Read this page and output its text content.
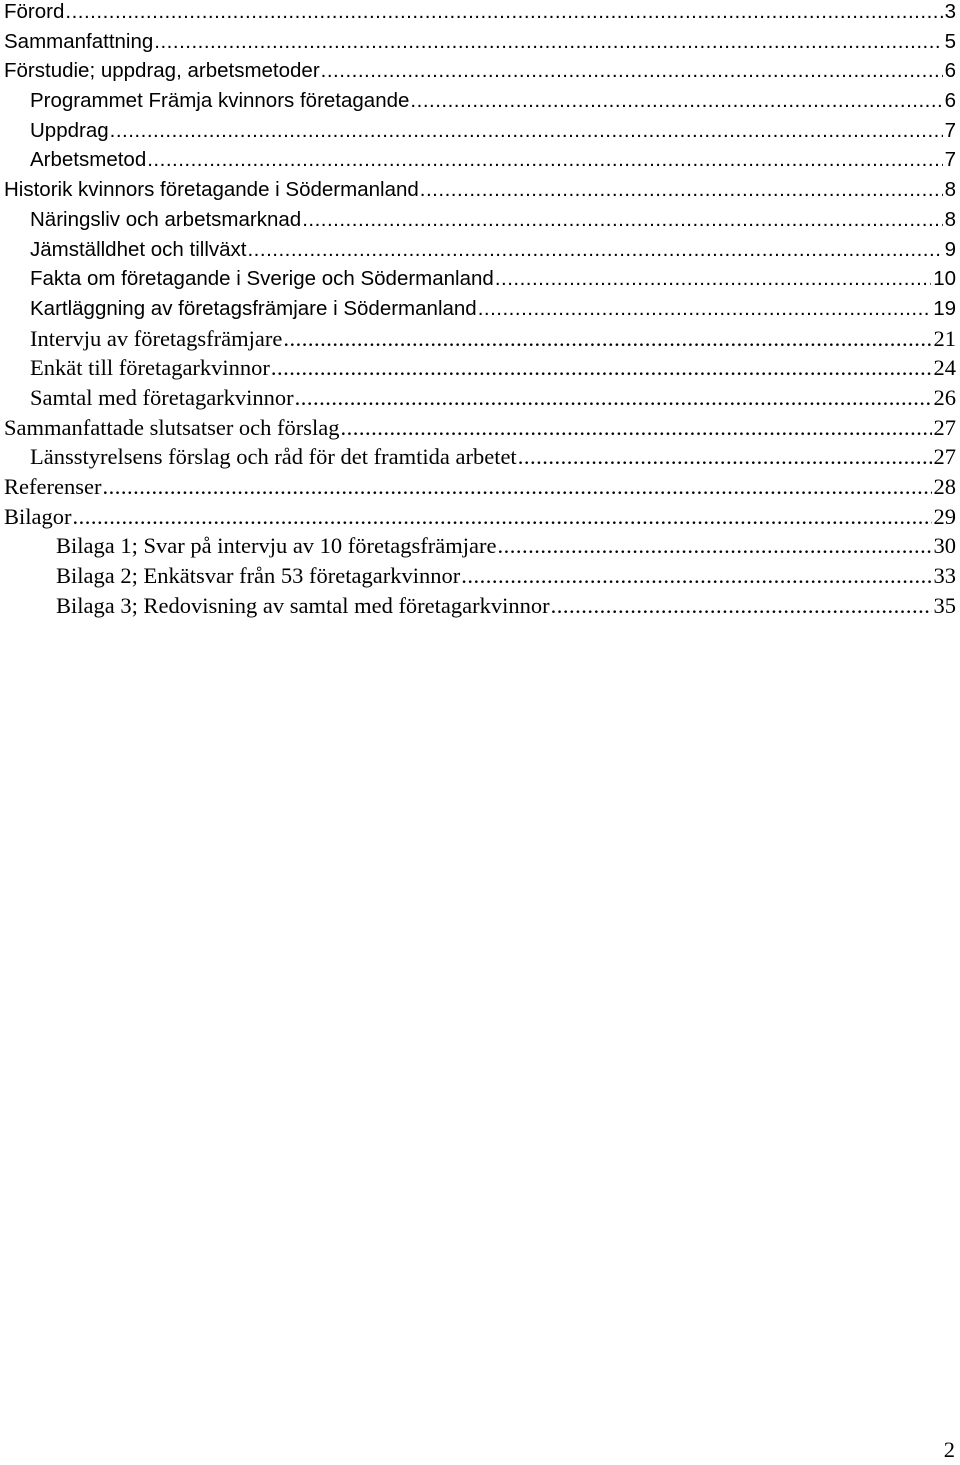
Förord .....	3
Sammanfattning .....	5
Förstudie; uppdrag, arbetsmetoder .....	6
Programmet Främja kvinnors företagande .....	6
Uppdrag .....	7
Arbetsmetod .....	7
Historik kvinnors företagande i Södermanland .....	8
Näringsliv och arbetsmarknad .....	8
Jämställdhet och tillväxt .....	9
Fakta om företagande i Sverige och Södermanland .....	10
Kartläggning av företagsfrämjare i Södermanland .....	19
Intervju av företagsfrämjare .....	21
Enkät till företagarkvinnor .....	24
Samtal med företagarkvinnor .....	26
Sammanfattade slutsatser och förslag .....	27
Länsstyrelsens förslag och råd för det framtida arbetet .....	27
Referenser .....	28
Bilagor .....	29
Bilaga 1; Svar på intervju av 10 företagsfrämjare .....	30
Bilaga 2; Enkätsvar från 53 företagarkvinnor .....	33
Bilaga 3; Redovisning av samtal med företagarkvinnor .....	35
2
